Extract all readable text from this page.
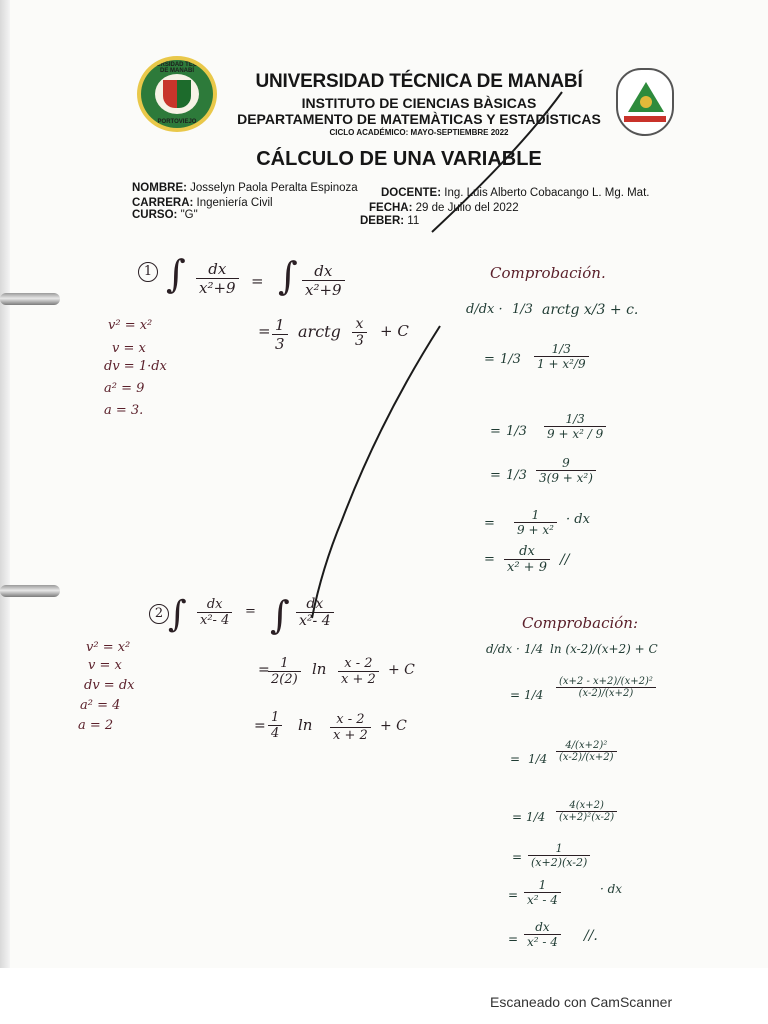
UNIVERSIDAD TÉCNICA DE MANABÍ
PORTOVIEJO
UNIVERSIDAD TÉCNICA DE MANABÍ
INSTITUTO DE CIENCIAS BÀSICAS
DEPARTAMENTO DE MATEMÀTICAS Y ESTADÌSTICAS
CICLO ACADÉMICO: MAYO-SEPTIEMBRE 2022
CÁLCULO DE UNA VARIABLE
NOMBRE: Josselyn Paola Peralta Espinoza DOCENTE: Ing. Luis Alberto Cobacango L. Mg. Mat.
CARRERA: Ingeniería Civil	FECHA: 29 de Julio del 2022
CURSO: "G"	DEBER: 11
1 ∫ $\frac{dx}{\text{x²+9}}$ = ∫ $\frac{dx}{\text{x²+9}}$
= $\frac{1}{3}$ arctg $\frac{x}{3} + C$
v² = x²
v = x
dv = 1·dx
a² = 9
a = 3.
Comprobación.
d/dx · 1/3 arctg x/3 + c.
= $1/3 \frac{1/3}{\text{1 + x²/9}}$
= $1/3 \frac{1/3}{\text{9 + x² / 9}}$
= $1/3 \frac{9}{\text{3(9 + x²)}}$
= $\frac{1}{\text{9 + x²}}$ · dx
= $\frac{dx}{\text{x² + 9}}$ //
2 ∫ $\frac{dx}{\text{x²- 4}}$ = ∫ $\frac{dx}{\text{x²- 4}}$
=
$\frac{1}{2(2)}$ $\ln \frac{x - 2}{x + 2} + C$
= $\frac{1}{4}$ $\ln \frac{x - 2}{x + 2} + C$
v² = x²
v = x
dv = dx
a² = 4
a = 2
Comprobación:
d/dx · 1/4 ln (x-2)/(x+2) + C
= $1/4 \frac{\text{(x+2 - x+2)/(x+2)²}}{(x-2)/(x+2)}$
= $1/4 \frac{\text{4/(x+2)²}}{(x-2)/(x+2)}$
= $1/4 \frac{4(x+2)}{\text{(x+2)²(x-2)}}$
= $\frac{1}{(x+2)(x-2)}$
= $\frac{1}{\text{x² - 4}}$	· dx
= $\frac{dx}{\text{x² - 4}}$ //.
Escaneado con CamScanner
